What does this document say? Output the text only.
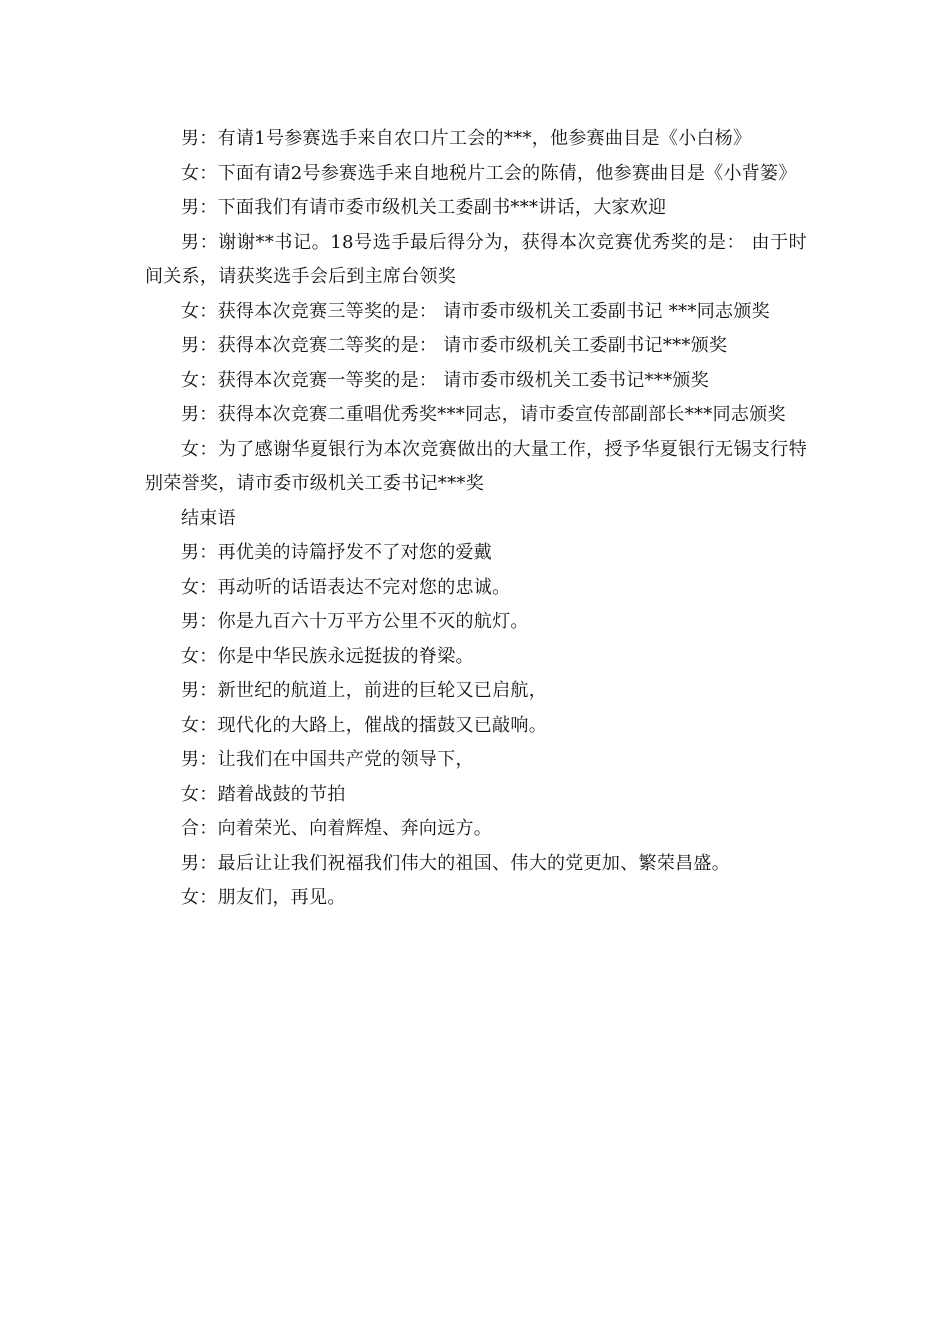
男：有请1号参赛选手来自农口片工会的***，他参赛曲目是《小白杨》

女：下面有请2号参赛选手来自地税片工会的陈倩，他参赛曲目是《小背篓》

男：下面我们有请市委市级机关工委副书***讲话，大家欢迎

男：谢谢**书记。18号选手最后得分为，获得本次竞赛优秀奖的是： 由于时间关系，请获奖选手会后到主席台领奖

女：获得本次竞赛三等奖的是： 请市委市级机关工委副书记 ***同志颁奖

男：获得本次竞赛二等奖的是： 请市委市级机关工委副书记***颁奖

女：获得本次竞赛一等奖的是： 请市委市级机关工委书记***颁奖

男：获得本次竞赛二重唱优秀奖***同志，请市委宣传部副部长***同志颁奖

女：为了感谢华夏银行为本次竞赛做出的大量工作，授予华夏银行无锡支行特别荣誉奖，请市委市级机关工委书记***奖

结束语

男：再优美的诗篇抒发不了对您的爱戴

女：再动听的话语表达不完对您的忠诚。

男：你是九百六十万平方公里不灭的航灯。

女：你是中华民族永远挺拔的脊梁。

男：新世纪的航道上，前进的巨轮又已启航，

女：现代化的大路上，催战的擂鼓又已敲响。

男：让我们在中国共产党的领导下，

女：踏着战鼓的节拍

合：向着荣光、向着辉煌、奔向远方。

男：最后让让我们祝福我们伟大的祖国、伟大的党更加、繁荣昌盛。

女：朋友们，再见。
